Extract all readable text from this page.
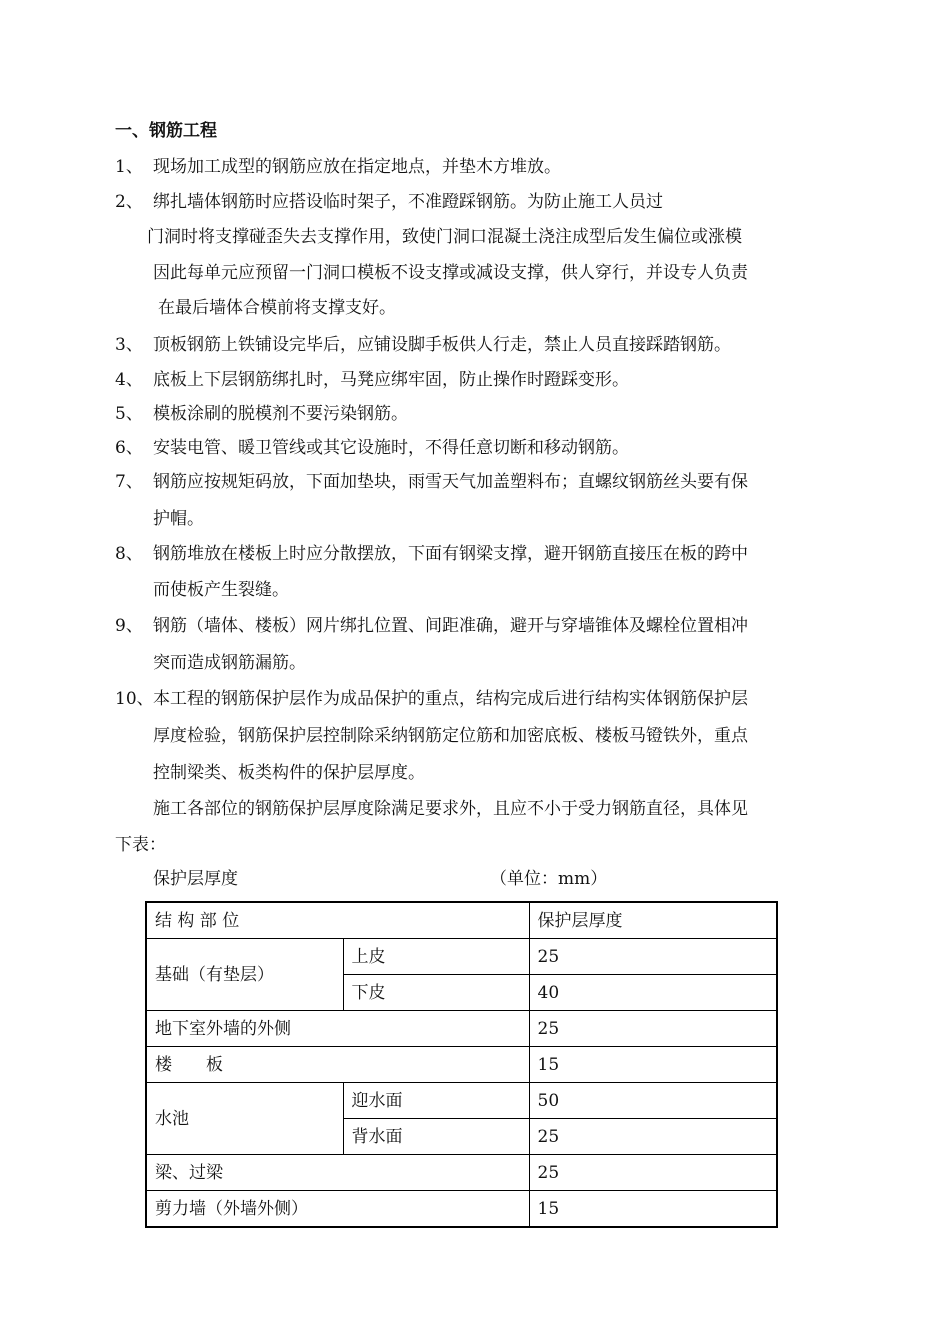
一、钢筋工程
1、 现场加工成型的钢筋应放在指定地点，并垫木方堆放。
2、 绑扎墙体钢筋时应搭设临时架子，不准蹬踩钢筋。为防止施工人员过
门洞时将支撑碰歪失去支撑作用，致使门洞口混凝土浇注成型后发生偏位或涨模
因此每单元应预留一门洞口模板不设支撑或减设支撑，供人穿行，并设专人负责
在最后墙体合模前将支撑支好。
3、 顶板钢筋上铁铺设完毕后，应铺设脚手板供人行走，禁止人员直接踩踏钢筋。
4、 底板上下层钢筋绑扎时，马凳应绑牢固，防止操作时蹬踩变形。
5、 模板涂刷的脱模剂不要污染钢筋。
6、 安装电管、暖卫管线或其它设施时，不得任意切断和移动钢筋。
7、 钢筋应按规矩码放，下面加垫块，雨雪天气加盖塑料布；直螺纹钢筋丝头要有保
护帽。
8、 钢筋堆放在楼板上时应分散摆放，下面有钢梁支撑，避开钢筋直接压在板的跨中
而使板产生裂缝。
9、 钢筋（墙体、楼板）网片绑扎位置、间距准确，避开与穿墙锥体及螺栓位置相冲
突而造成钢筋漏筋。
10、 本工程的钢筋保护层作为成品保护的重点，结构完成后进行结构实体钢筋保护层
厚度检验，钢筋保护层控制除采纳钢筋定位筋和加密底板、楼板马镫铁外，重点
控制梁类、板类构件的保护层厚度。
施工各部位的钢筋保护层厚度除满足要求外，且应不小于受力钢筋直径，具体见
下表：
保护层厚度	（单位：mm）
结 构 部 位		保护层厚度
基础（有垫层）	上皮	25
	下皮	40
地下室外墙的外侧		25
楼　　板		15
水池	迎水面	50
	背水面	25
梁、过梁		25
剪力墙（外墙外侧）		15
